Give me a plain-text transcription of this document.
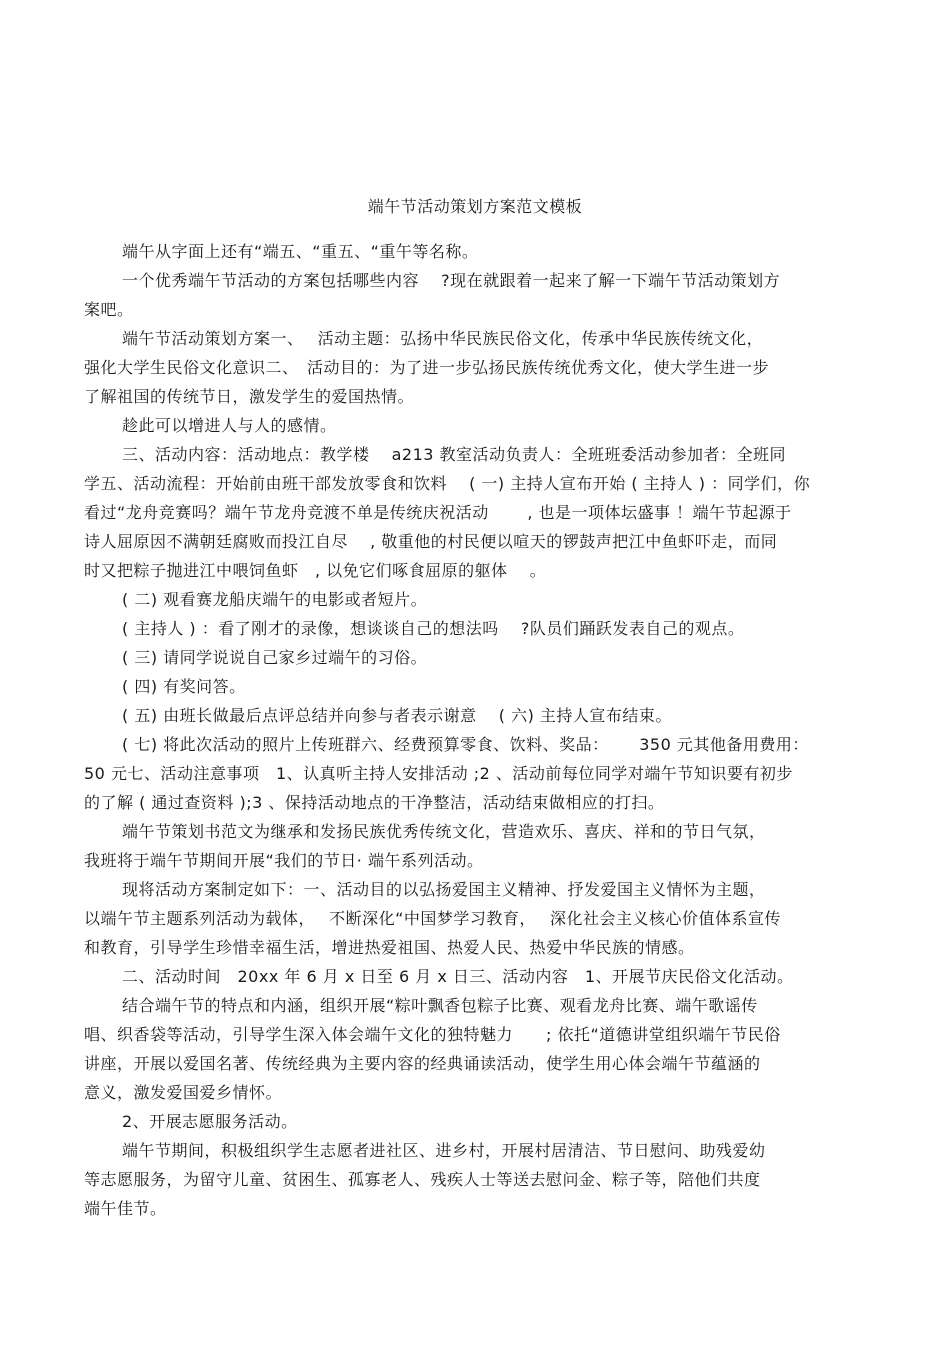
端午节活动策划方案范文模板
端午从字面上还有“端五、“重五、“重午等名称。
一个优秀端午节活动的方案包括哪些内容　 ?现在就跟着一起来了解一下端午节活动策划方
案吧。
端午节活动策划方案一、　 活动主题：弘扬中华民族民俗文化，传承中华民族传统文化，
强化大学生民俗文化意识二、　活动目的：为了进一步弘扬民族传统优秀文化，使大学生进一步
了解祖国的传统节日，激发学生的爱国热情。
趁此可以增进人与人的感情。
三、活动内容：活动地点：教学楼　 a213 教室活动负责人：全班班委活动参加者：全班同
学五、活动流程：开始前由班干部发放零食和饮料　 ( 一) 主持人宣布开始 ( 主持人 ) ：同学们，你
看过“龙舟竞赛吗？端午节龙舟竞渡不单是传统庆祝活动　　 , 也是一项体坛盛事 ！端午节起源于
诗人屈原因不满朝廷腐败而投江自尽　 , 敬重他的村民便以喧天的锣鼓声把江中鱼虾吓走，而同
时又把粽子抛进江中喂饲鱼虾　, 以免它们啄食屈原的躯体　 。
( 二) 观看赛龙船庆端午的电影或者短片。
( 主持人 ) ：看了刚才的录像，想谈谈自己的想法吗　 ?队员们踊跃发表自己的观点。
( 三) 请同学说说自己家乡过端午的习俗。
( 四) 有奖问答。
( 五) 由班长做最后点评总结并向参与者表示谢意　 ( 六) 主持人宣布结束。
( 七) 将此次活动的照片上传班群六、经费预算零食、饮料、奖品：　　 350 元其他备用费用：
50 元七、活动注意事项　1、认真听主持人安排活动 ;2 、活动前每位同学对端午节知识要有初步
的了解 ( 通过查资料 );3 、保持活动地点的干净整洁，活动结束做相应的打扫。
端午节策划书范文为继承和发扬民族优秀传统文化，营造欢乐、喜庆、祥和的节日气氛，
我班将于端午节期间开展“我们的节日· 端午系列活动。
现将活动方案制定如下：一、活动目的以弘扬爱国主义精神、抒发爱国主义情怀为主题，
以端午节主题系列活动为载体，　 不断深化“中国梦学习教育，　 深化社会主义核心价值体系宣传
和教育，引导学生珍惜幸福生活，增进热爱祖国、热爱人民、热爱中华民族的情感。
二、活动时间　20xx 年 6 月 x 日至 6 月 x 日三、活动内容　1、开展节庆民俗文化活动。
结合端午节的特点和内涵，组织开展“粽叶飘香包粽子比赛、观看龙舟比赛、端午歌谣传
唱、织香袋等活动，引导学生深入体会端午文化的独特魅力　　; 依托“道德讲堂组织端午节民俗
讲座，开展以爱国名著、传统经典为主要内容的经典诵读活动，使学生用心体会端午节蕴涵的
意义，激发爱国爱乡情怀。
2、开展志愿服务活动。
端午节期间，积极组织学生志愿者进社区、进乡村，开展村居清洁、节日慰问、助残爱幼
等志愿服务，为留守儿童、贫困生、孤寡老人、残疾人士等送去慰问金、粽子等，陪他们共度
端午佳节。
